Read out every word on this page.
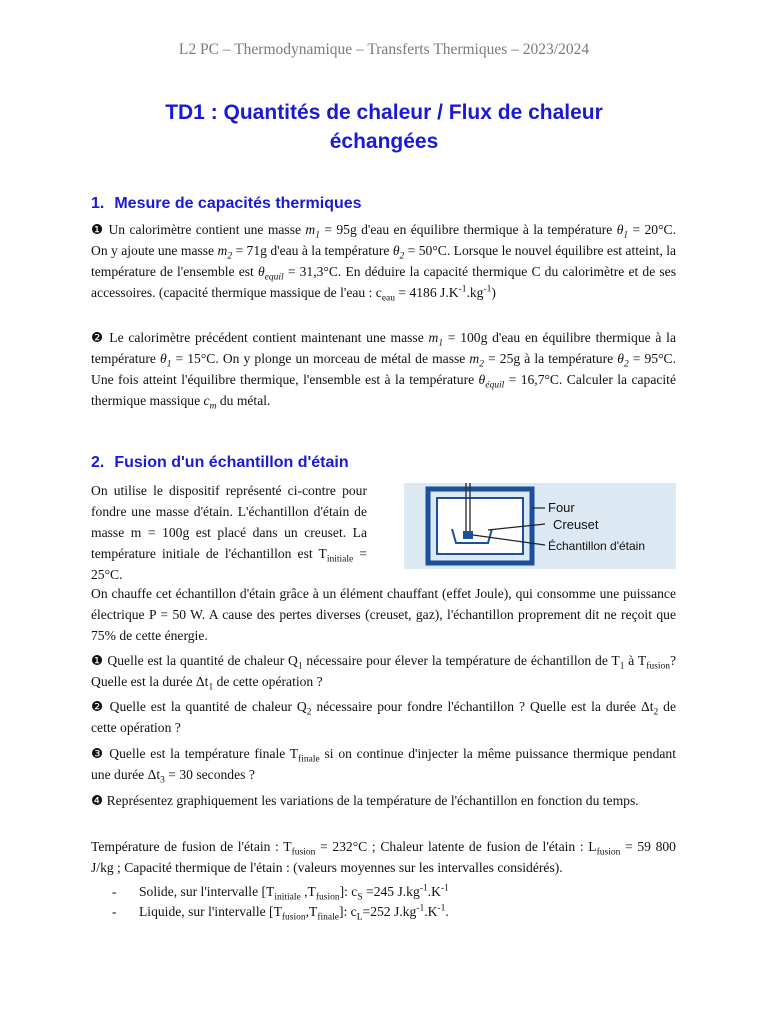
L2 PC – Thermodynamique – Transferts Thermiques – 2023/2024
TD1 : Quantités de chaleur / Flux de chaleur
échangées
1. Mesure de capacités thermiques
❶ Un calorimètre contient une masse $m_1 = 95g$ d'eau en équilibre thermique à la température $\theta_1 = 20^\circ C$. On y ajoute une masse $m_2 = 71g$ d'eau à la température $\theta_2 = 50^\circ C$. Lorsque le nouvel équilibre est atteint, la température de l'ensemble est $\theta_{equil} = 31,3^\circ C$. En déduire la capacité thermique C du calorimètre et de ses accessoires. (capacité thermique massique de l'eau : $c_{eau} = 4186$ $J.K^{-1}.kg^{-1}$)
❷ Le calorimètre précédent contient maintenant une masse $m_1 = 100g$ d'eau en équilibre thermique à la température $\theta_1 = 15^\circ C$. On y plonge un morceau de métal de masse $m_2 = 25g$ à la température $\theta_2 = 95^\circ C$. Une fois atteint l'équilibre thermique, l'ensemble est à la température $\theta_{équil} = 16,7^\circ C$. Calculer la capacité thermique massique $c_m$ du métal.
2. Fusion d'un échantillon d'étain
On utilise le dispositif représenté ci-contre pour fondre une masse d'étain. L'échantillon d'étain de masse m = 100g est placé dans un creuset. La température initiale de l'échantillon est $T_{initiale} = 25^\circ C$.
Four
Creuset
Échantillon d'étain
On chauffe cet échantillon d'étain grâce à un élément chauffant (effet Joule), qui consomme une puissance électrique P = 50 W. A cause des pertes diverses (creuset, gaz), l'échantillon proprement dit ne reçoit que 75% de cette énergie.
❶ Quelle est la quantité de chaleur $Q_1$ nécessaire pour élever la température de échantillon de $T_1$ à $T_{fusion}$? Quelle est la durée $\Delta t_1$ de cette opération ?
❷ Quelle est la quantité de chaleur $Q_2$ nécessaire pour fondre l'échantillon ? Quelle est la durée $\Delta t_2$ de cette opération ?
❸ Quelle est la température finale $T_{finale}$ si on continue d'injecter la même puissance thermique pendant une durée $\Delta t_3 = 30$ secondes ?
❹ Représentez graphiquement les variations de la température de l'échantillon en fonction du temps.
Température de fusion de l'étain : $T_{fusion} = 232^\circ C$ ; Chaleur latente de fusion de l'étain : $L_{fusion} = 59$ 800 J/kg ; Capacité thermique de l'étain : (valeurs moyennes sur les intervalles considérés).
- Solide, sur l'intervalle [$T_{initiale}$ $,T_{fusion}$]: $c_S =245$ $J.kg^{-1}.K^{-1}$
- Liquide, sur l'intervalle $[T_{fusion},T_{finale}]$: $c_L=252$ $J.kg^{-1}.K^{-1}$.
